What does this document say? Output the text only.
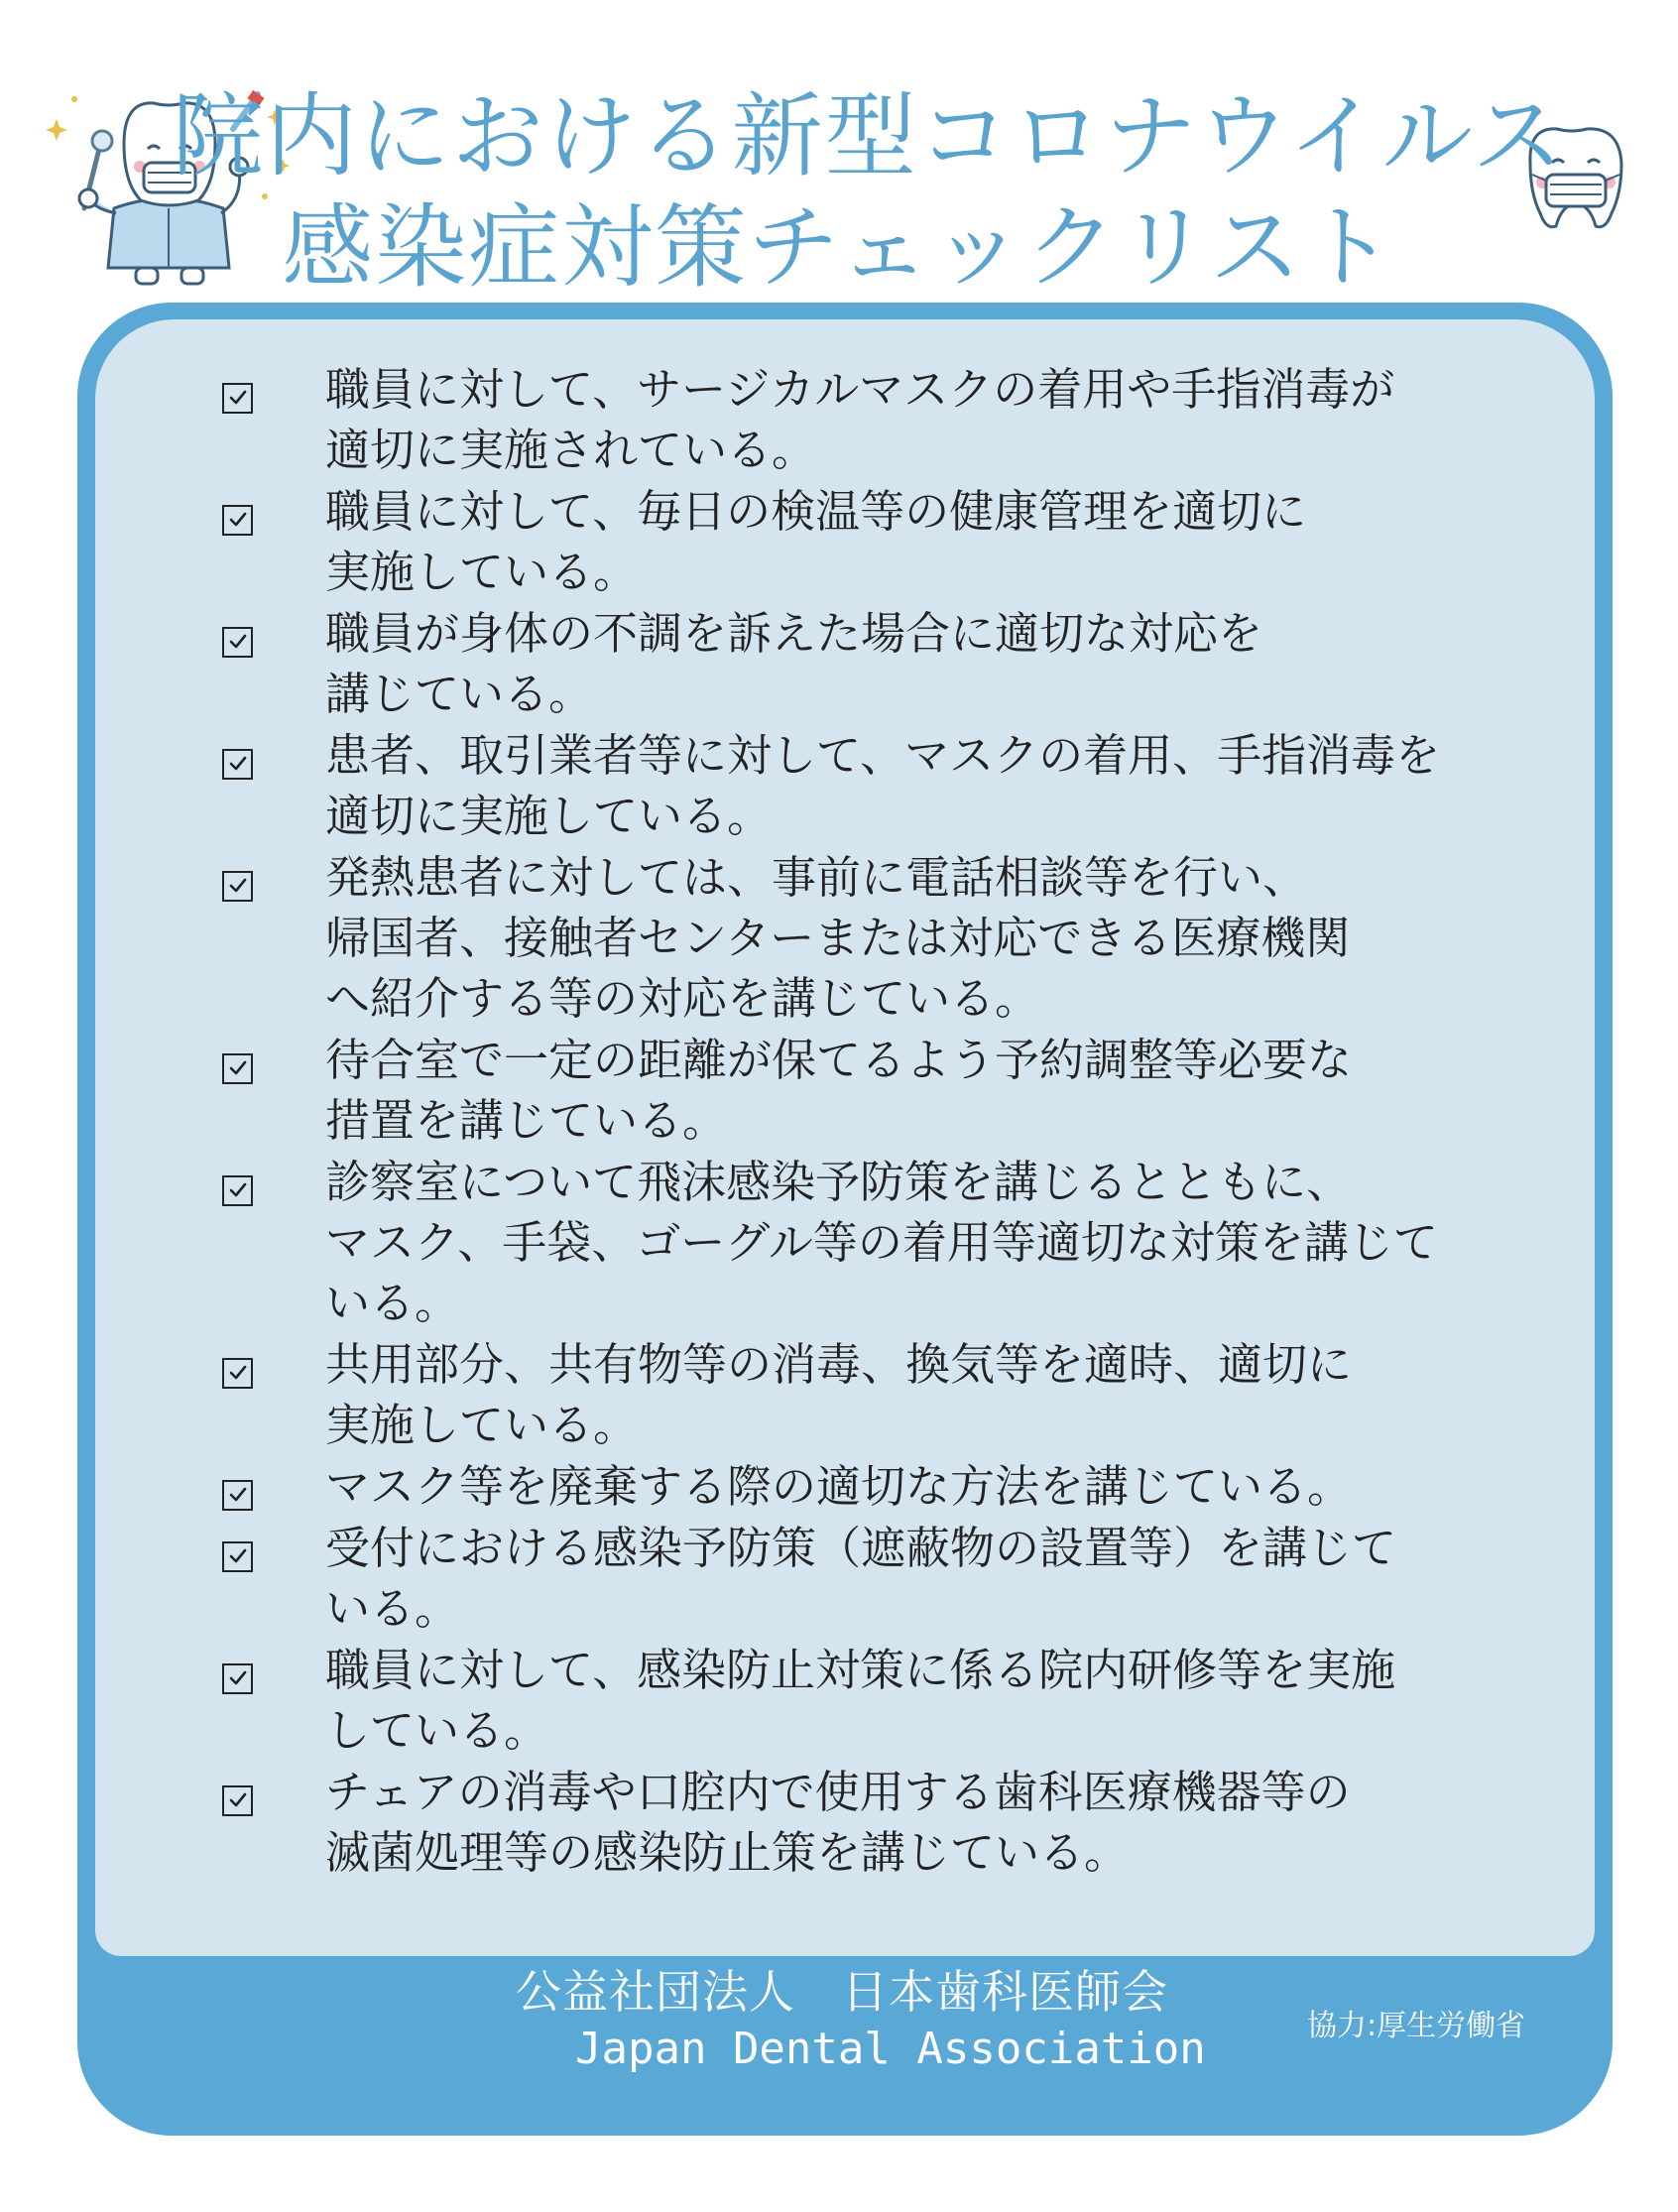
院内における新型コロナウイルス
感染症対策チェックリスト
職員に対して、サージカルマスクの着用や手指消毒が
適切に実施されている。
職員に対して、毎日の検温等の健康管理を適切に
実施している。
職員が身体の不調を訴えた場合に適切な対応を
講じている。
患者、取引業者等に対して、マスクの着用、手指消毒を
適切に実施している。
発熱患者に対しては、事前に電話相談等を行い、
帰国者、接触者センターまたは対応できる医療機関
へ紹介する等の対応を講じている。
待合室で一定の距離が保てるよう予約調整等必要な
措置を講じている。
診察室について飛沫感染予防策を講じるとともに、
マスク、手袋、ゴーグル等の着用等適切な対策を講じて
いる。
共用部分、共有物等の消毒、換気等を適時、適切に
実施している。
マスク等を廃棄する際の適切な方法を講じている。
受付における感染予防策（遮蔽物の設置等）を講じて
いる。
職員に対して、感染防止対策に係る院内研修等を実施
している。
チェアの消毒や口腔内で使用する歯科医療機器等の
滅菌処理等の感染防止策を講じている。
公益社団法人　日本歯科医師会
Japan Dental Association	協力:厚生労働省
